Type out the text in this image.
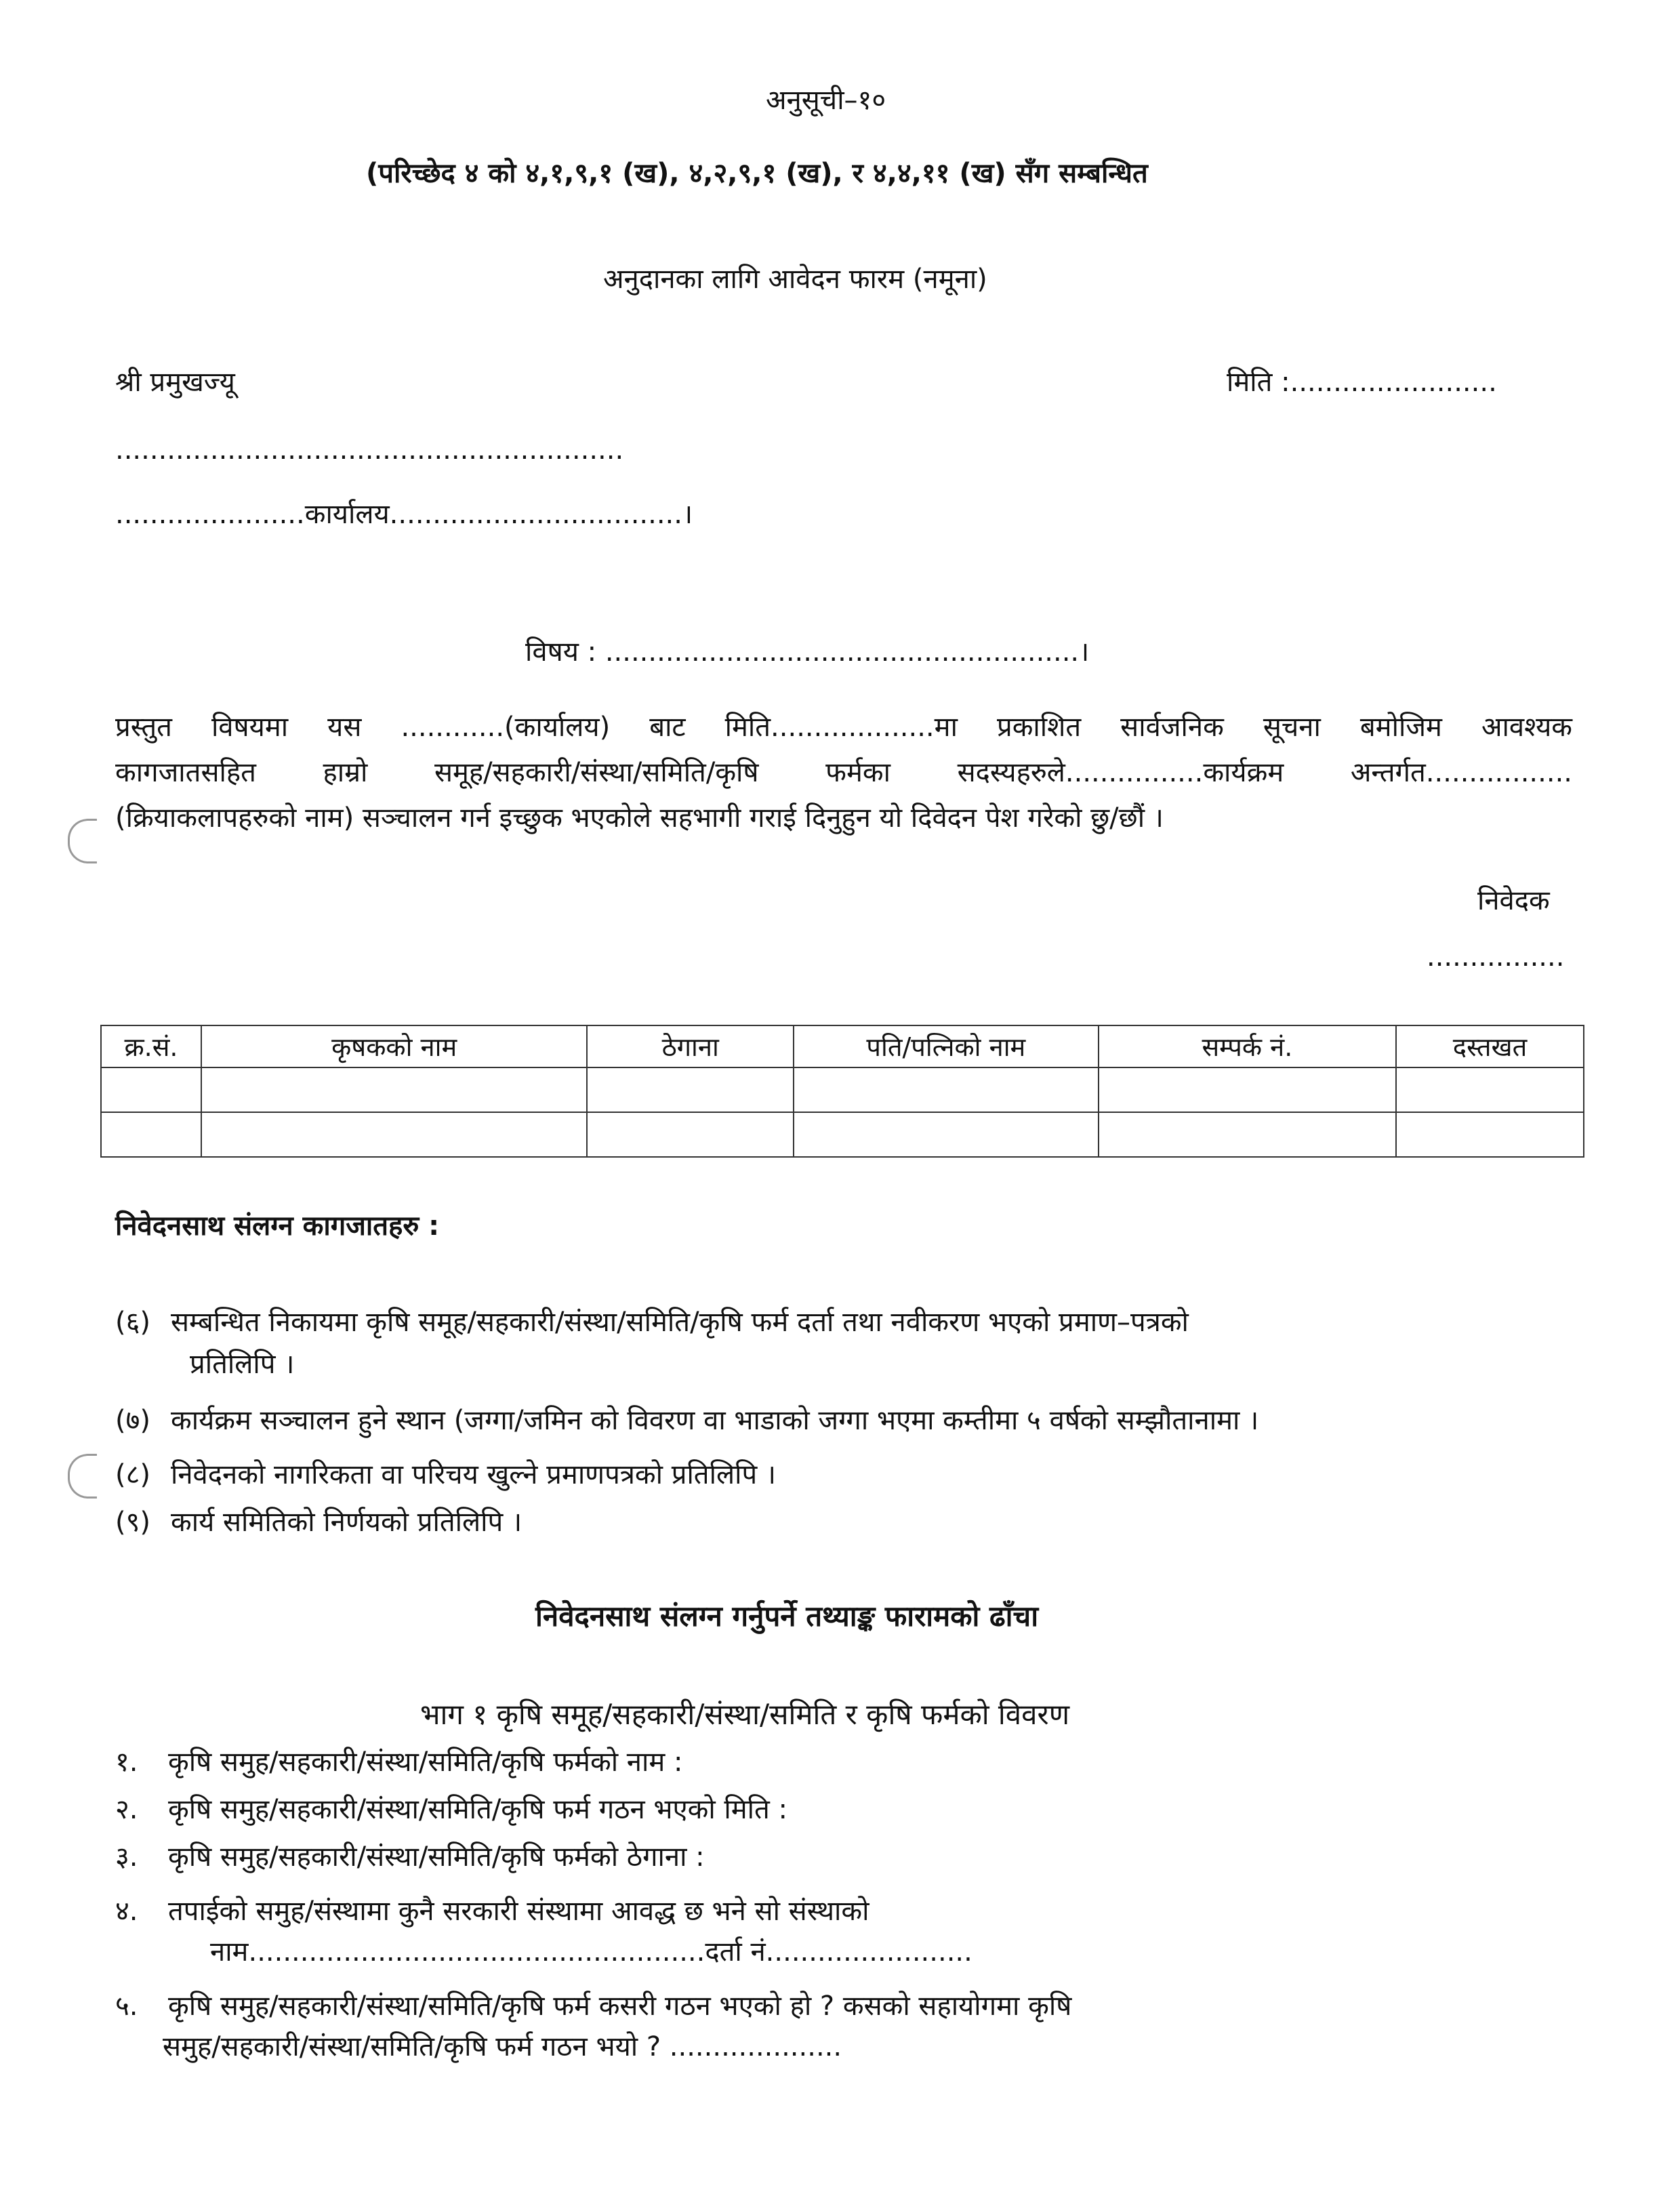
अनुसूची–१०
(परिच्छेद ४ को ४,१,९,१ (ख), ४,२,९,१ (ख), र ४,४,११ (ख) सँग सम्बन्धित
अनुदानका लागि आवेदन फारम (नमूना)
श्री प्रमुखज्यू	मिति :........................
...........................................................
......................कार्यालय..................................।
विषय : .......................................................।
प्रस्तुत विषयमा यस ............(कार्यालय) बाट मिति...................मा प्रकाशित सार्वजनिक सूचना बमोजिम आवश्यक
कागजातसहित हाम्रो समूह/सहकारी/संस्था/समिति/कृषि फर्मका सदस्यहरुले................कार्यक्रम अन्तर्गत.................
(क्रियाकलापहरुको नाम) सञ्चालन गर्न इच्छुक भएकोले सहभागी गराई दिनुहुन यो दिवेदन पेश गरेको छु/छौं ।
निवेदक
................
क्र.सं.	कृषकको नाम	ठेगाना	पति/पत्निको नाम	सम्पर्क नं.	दस्तखत

निवेदनसाथ संलग्न कागजातहरु :
(६) सम्बन्धित निकायमा कृषि समूह/सहकारी/संस्था/समिति/कृषि फर्म दर्ता तथा नवीकरण भएको प्रमाण–पत्रको
प्रतिलिपि ।
(७) कार्यक्रम सञ्चालन हुने स्थान (जग्गा/जमिन को विवरण वा भाडाको जग्गा भएमा कम्तीमा ५ वर्षको सम्झौतानामा ।
(८) निवेदनको नागरिकता वा परिचय खुल्ने प्रमाणपत्रको प्रतिलिपि ।
(९) कार्य समितिको निर्णयको प्रतिलिपि ।
निवेदनसाथ संलग्न गर्नुपर्ने तथ्याङ्क फारामको ढाँचा
भाग १ कृषि समूह/सहकारी/संस्था/समिति र कृषि फर्मको विवरण
१. कृषि समुह/सहकारी/संस्था/समिति/कृषि फर्मको नाम :
२. कृषि समुह/सहकारी/संस्था/समिति/कृषि फर्म गठन भएको मिति :
३. कृषि समुह/सहकारी/संस्था/समिति/कृषि फर्मको ठेगाना :
४. तपाईको समुह/संस्थामा कुनै सरकारी संस्थामा आवद्ध छ भने सो संस्थाको
नाम.....................................................दर्ता नं........................
५. कृषि समुह/सहकारी/संस्था/समिति/कृषि फर्म कसरी गठन भएको हो ? कसको सहायोगमा कृषि
समुह/सहकारी/संस्था/समिति/कृषि फर्म गठन भयो ? ....................
